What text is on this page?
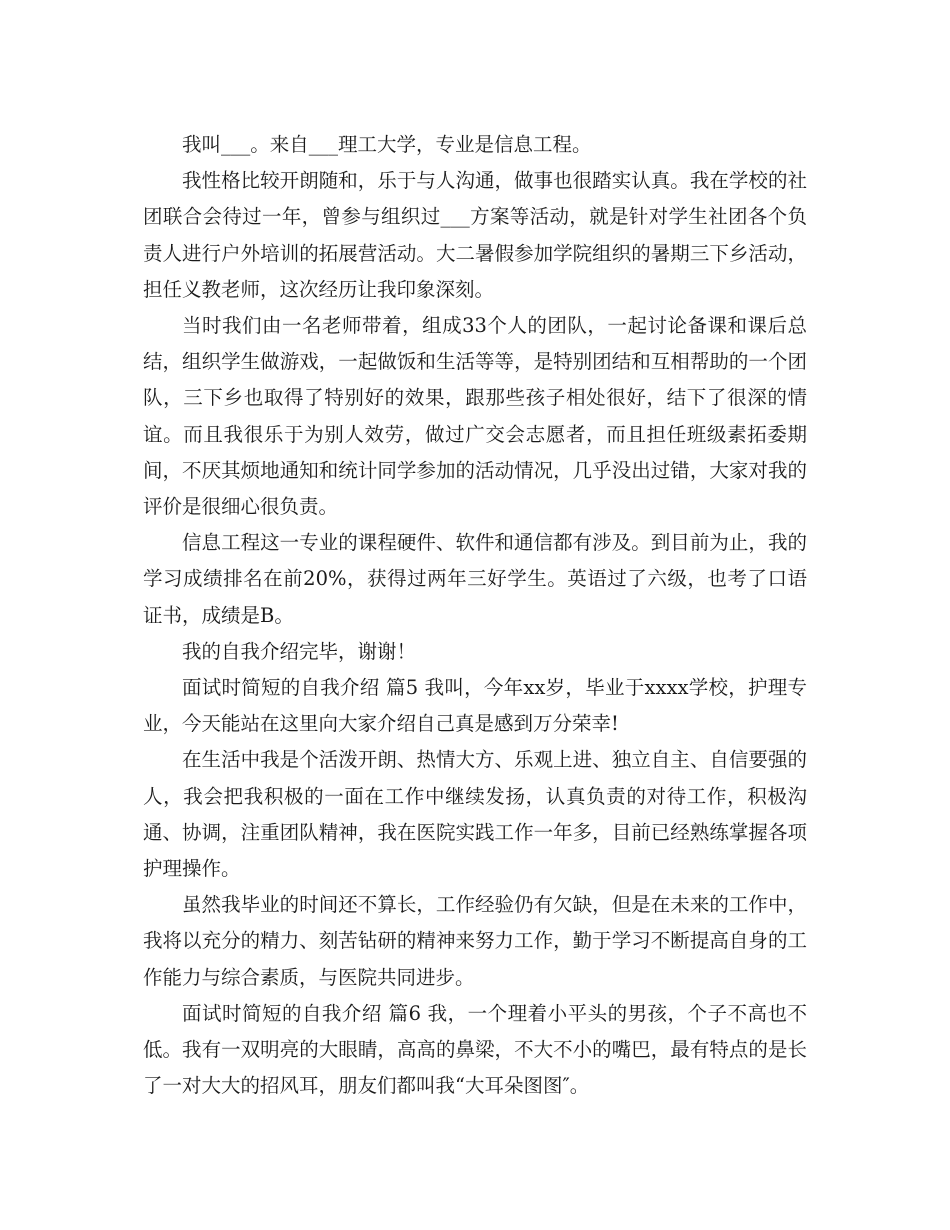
我叫___。来自___理工大学，专业是信息工程。

我性格比较开朗随和，乐于与人沟通，做事也很踏实认真。我在学校的社团联合会待过一年，曾参与组织过___方案等活动，就是针对学生社团各个负责人进行户外培训的拓展营活动。大二暑假参加学院组织的暑期三下乡活动，担任义教老师，这次经历让我印象深刻。

当时我们由一名老师带着，组成33个人的团队，一起讨论备课和课后总结，组织学生做游戏，一起做饭和生活等等，是特别团结和互相帮助的一个团队，三下乡也取得了特别好的效果，跟那些孩子相处很好，结下了很深的情谊。而且我很乐于为别人效劳，做过广交会志愿者，而且担任班级素拓委期间，不厌其烦地通知和统计同学参加的活动情况，几乎没出过错，大家对我的评价是很细心很负责。

信息工程这一专业的课程硬件、软件和通信都有涉及。到目前为止，我的学习成绩排名在前20%，获得过两年三好学生。英语过了六级，也考了口语证书，成绩是B。

我的自我介绍完毕，谢谢！

面试时简短的自我介绍 篇5 我叫，今年xx岁，毕业于xxxx学校，护理专业，今天能站在这里向大家介绍自己真是感到万分荣幸!

在生活中我是个活泼开朗、热情大方、乐观上进、独立自主、自信要强的人，我会把我积极的一面在工作中继续发扬，认真负责的对待工作，积极沟通、协调，注重团队精神，我在医院实践工作一年多，目前已经熟练掌握各项护理操作。

虽然我毕业的时间还不算长，工作经验仍有欠缺，但是在未来的工作中，我将以充分的精力、刻苦钻研的精神来努力工作，勤于学习不断提高自身的工作能力与综合素质，与医院共同进步。

面试时简短的自我介绍 篇6 我，一个理着小平头的男孩，个子不高也不低。我有一双明亮的大眼睛，高高的鼻梁，不大不小的嘴巴，最有特点的是长了一对大大的招风耳，朋友们都叫我“大耳朵图图″。
